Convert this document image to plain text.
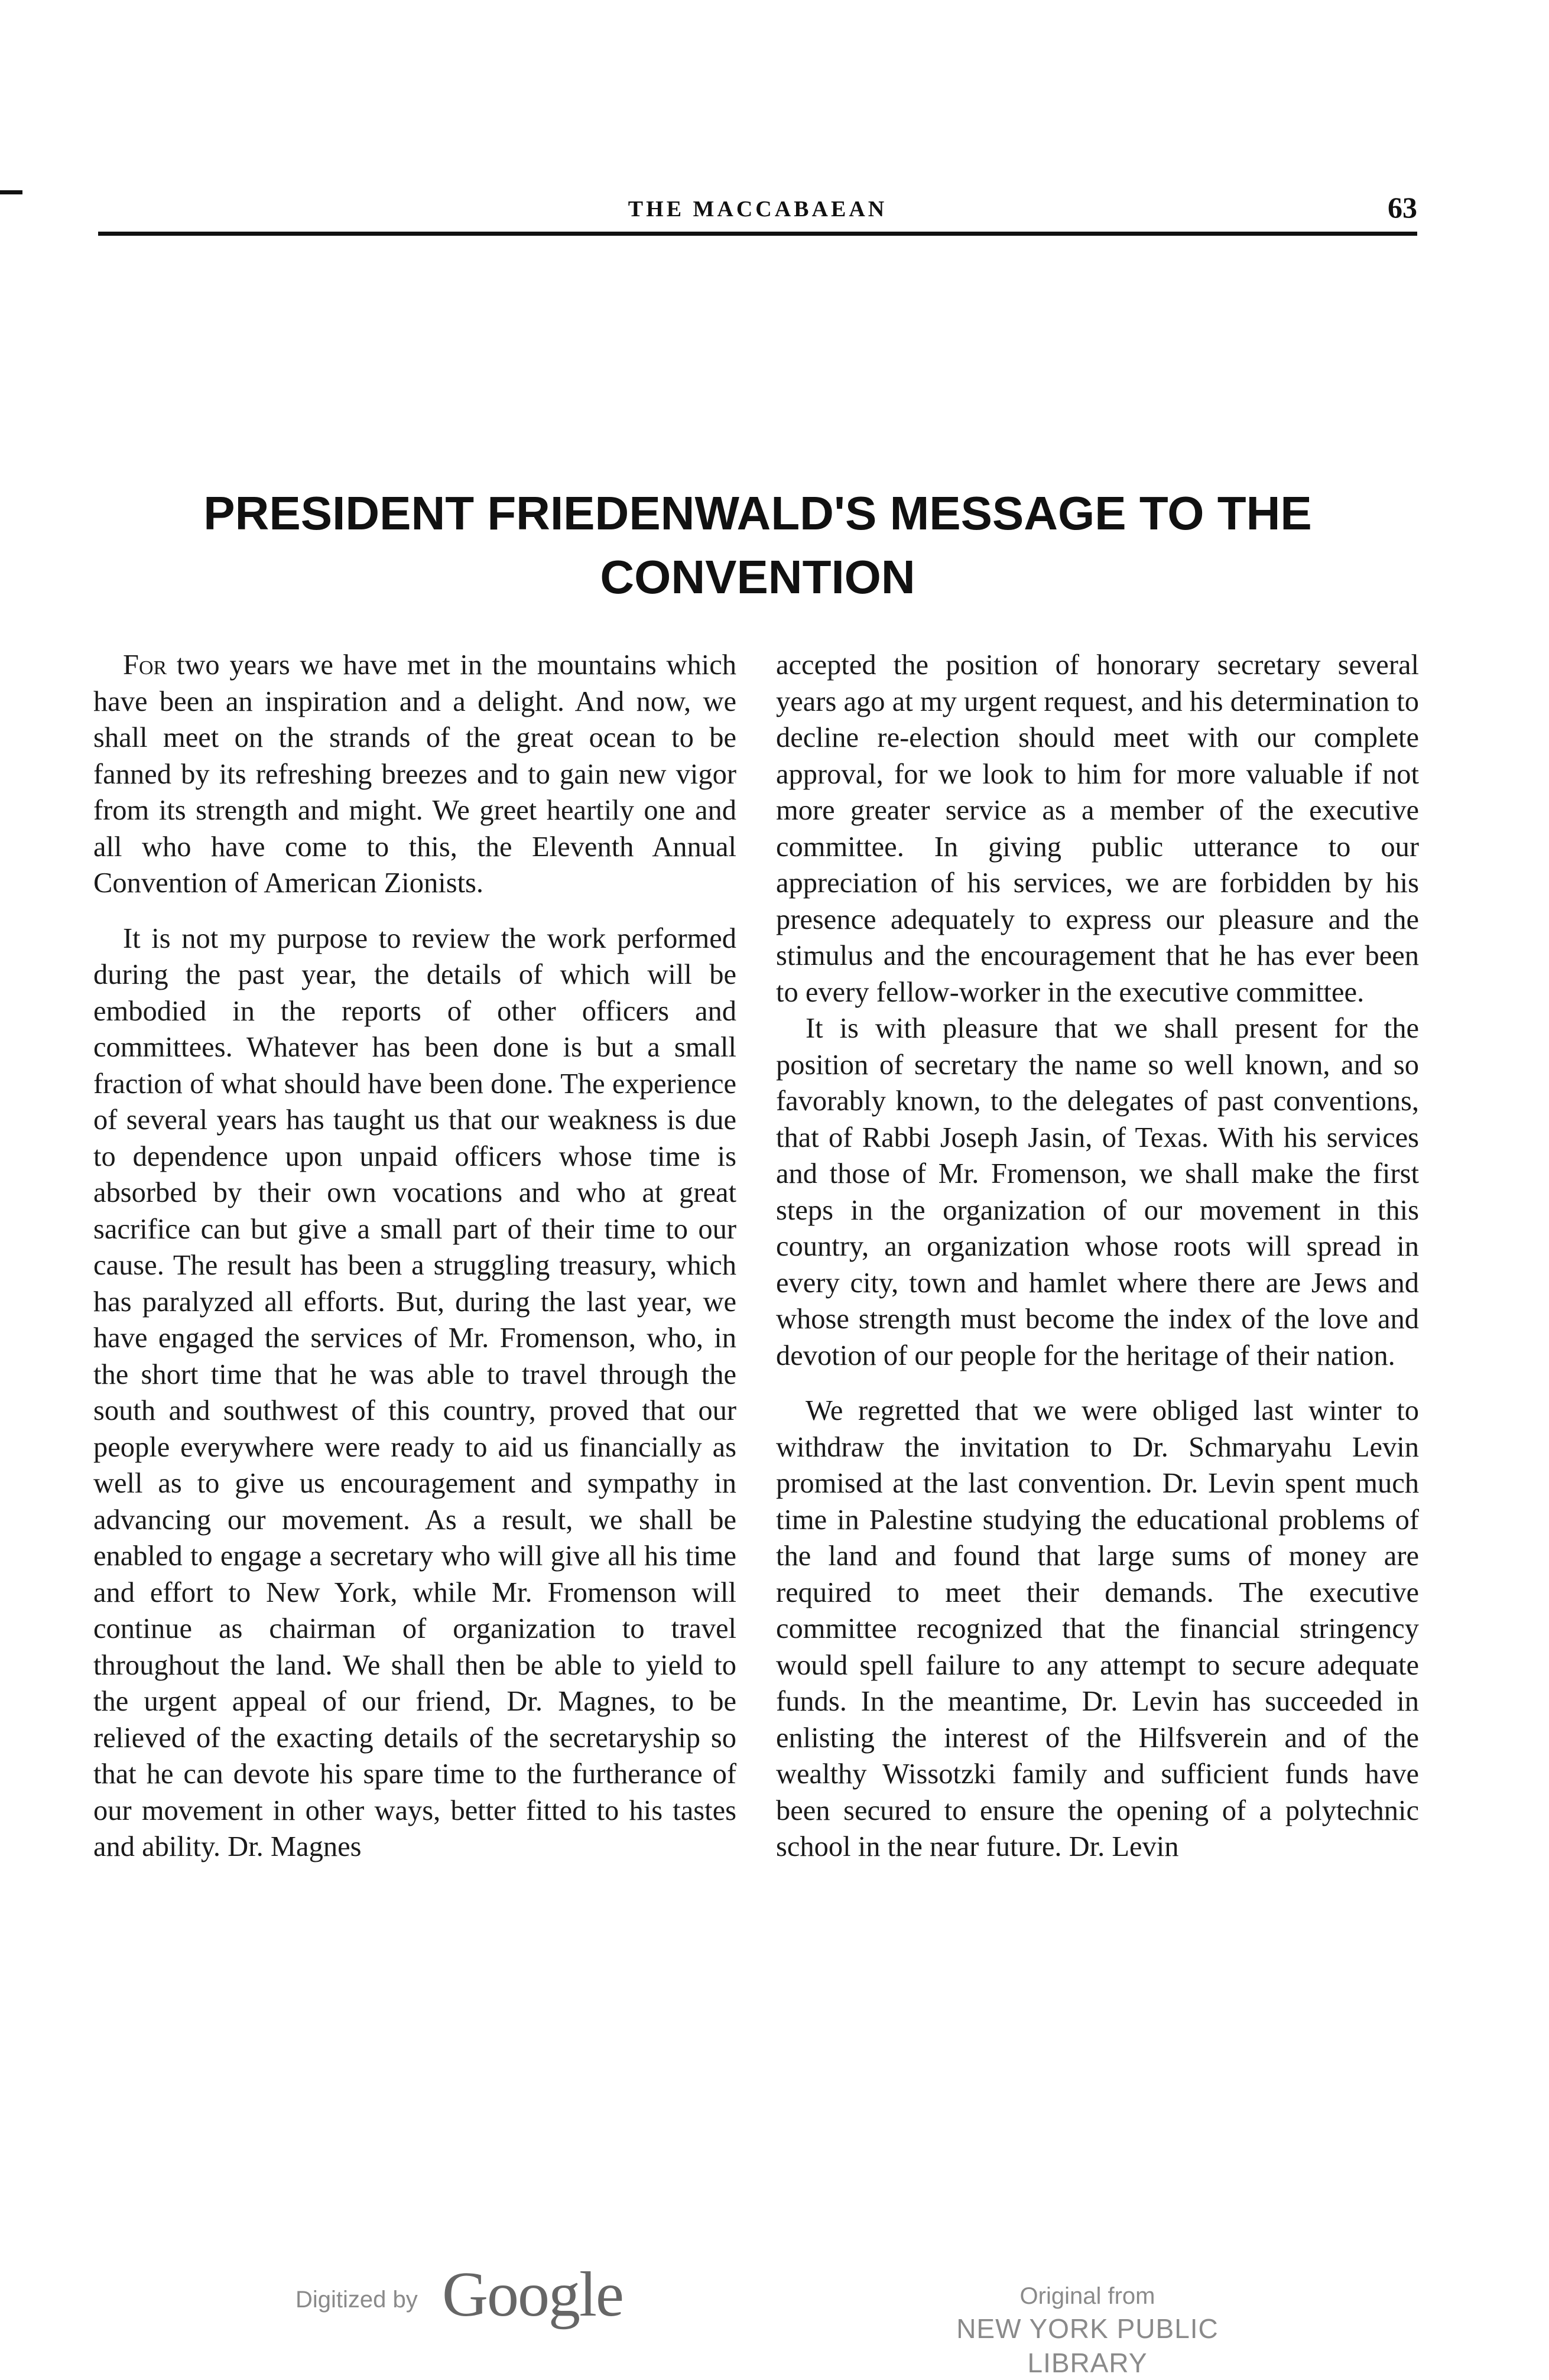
THE MACCABAEAN	63
PRESIDENT FRIEDENWALD'S MESSAGE TO THE
CONVENTION

For two years we have met in the mountains which have been an inspiration and a delight. And now, we shall meet on the strands of the great ocean to be fanned by its refreshing breezes and to gain new vigor from its strength and might. We greet heartily one and all who have come to this, the Eleventh Annual Convention of American Zionists.

It is not my purpose to review the work performed during the past year, the details of which will be embodied in the reports of other officers and committees. Whatever has been done is but a small fraction of what should have been done. The experience of several years has taught us that our weakness is due to dependence upon unpaid officers whose time is absorbed by their own vocations and who at great sacrifice can but give a small part of their time to our cause. The result has been a struggling treasury, which has paralyzed all efforts. But, during the last year, we have engaged the services of Mr. Fromenson, who, in the short time that he was able to travel through the south and southwest of this country, proved that our people everywhere were ready to aid us financially as well as to give us encouragement and sympathy in advancing our movement. As a result, we shall be enabled to engage a secretary who will give all his time and effort to New York, while Mr. Fromenson will continue as chairman of organization to travel throughout the land. We shall then be able to yield to the urgent appeal of our friend, Dr. Magnes, to be relieved of the exacting details of the secretaryship so that he can devote his spare time to the furtherance of our movement in other ways, better fitted to his tastes and ability. Dr. Magnes

accepted the position of honorary secretary several years ago at my urgent request, and his determination to decline re-election should meet with our complete approval, for we look to him for more valuable if not more greater service as a member of the executive committee. In giving public utterance to our appreciation of his services, we are forbidden by his presence adequately to express our pleasure and the stimulus and the encouragement that he has ever been to every fellow-worker in the executive committee.

It is with pleasure that we shall present for the position of secretary the name so well known, and so favorably known, to the delegates of past conventions, that of Rabbi Joseph Jasin, of Texas. With his services and those of Mr. Fromenson, we shall make the first steps in the organization of our movement in this country, an organization whose roots will spread in every city, town and hamlet where there are Jews and whose strength must become the index of the love and devotion of our people for the heritage of their nation.

We regretted that we were obliged last winter to withdraw the invitation to Dr. Schmaryahu Levin promised at the last convention. Dr. Levin spent much time in Palestine studying the educational problems of the land and found that large sums of money are required to meet their demands. The executive committee recognized that the financial stringency would spell failure to any attempt to secure adequate funds. In the meantime, Dr. Levin has succeeded in enlisting the interest of the Hilfsverein and of the wealthy Wissotzki family and sufficient funds have been secured to ensure the opening of a polytechnic school in the near future. Dr. Levin

Digitized by Google	Original from
NEW YORK PUBLIC LIBRARY
